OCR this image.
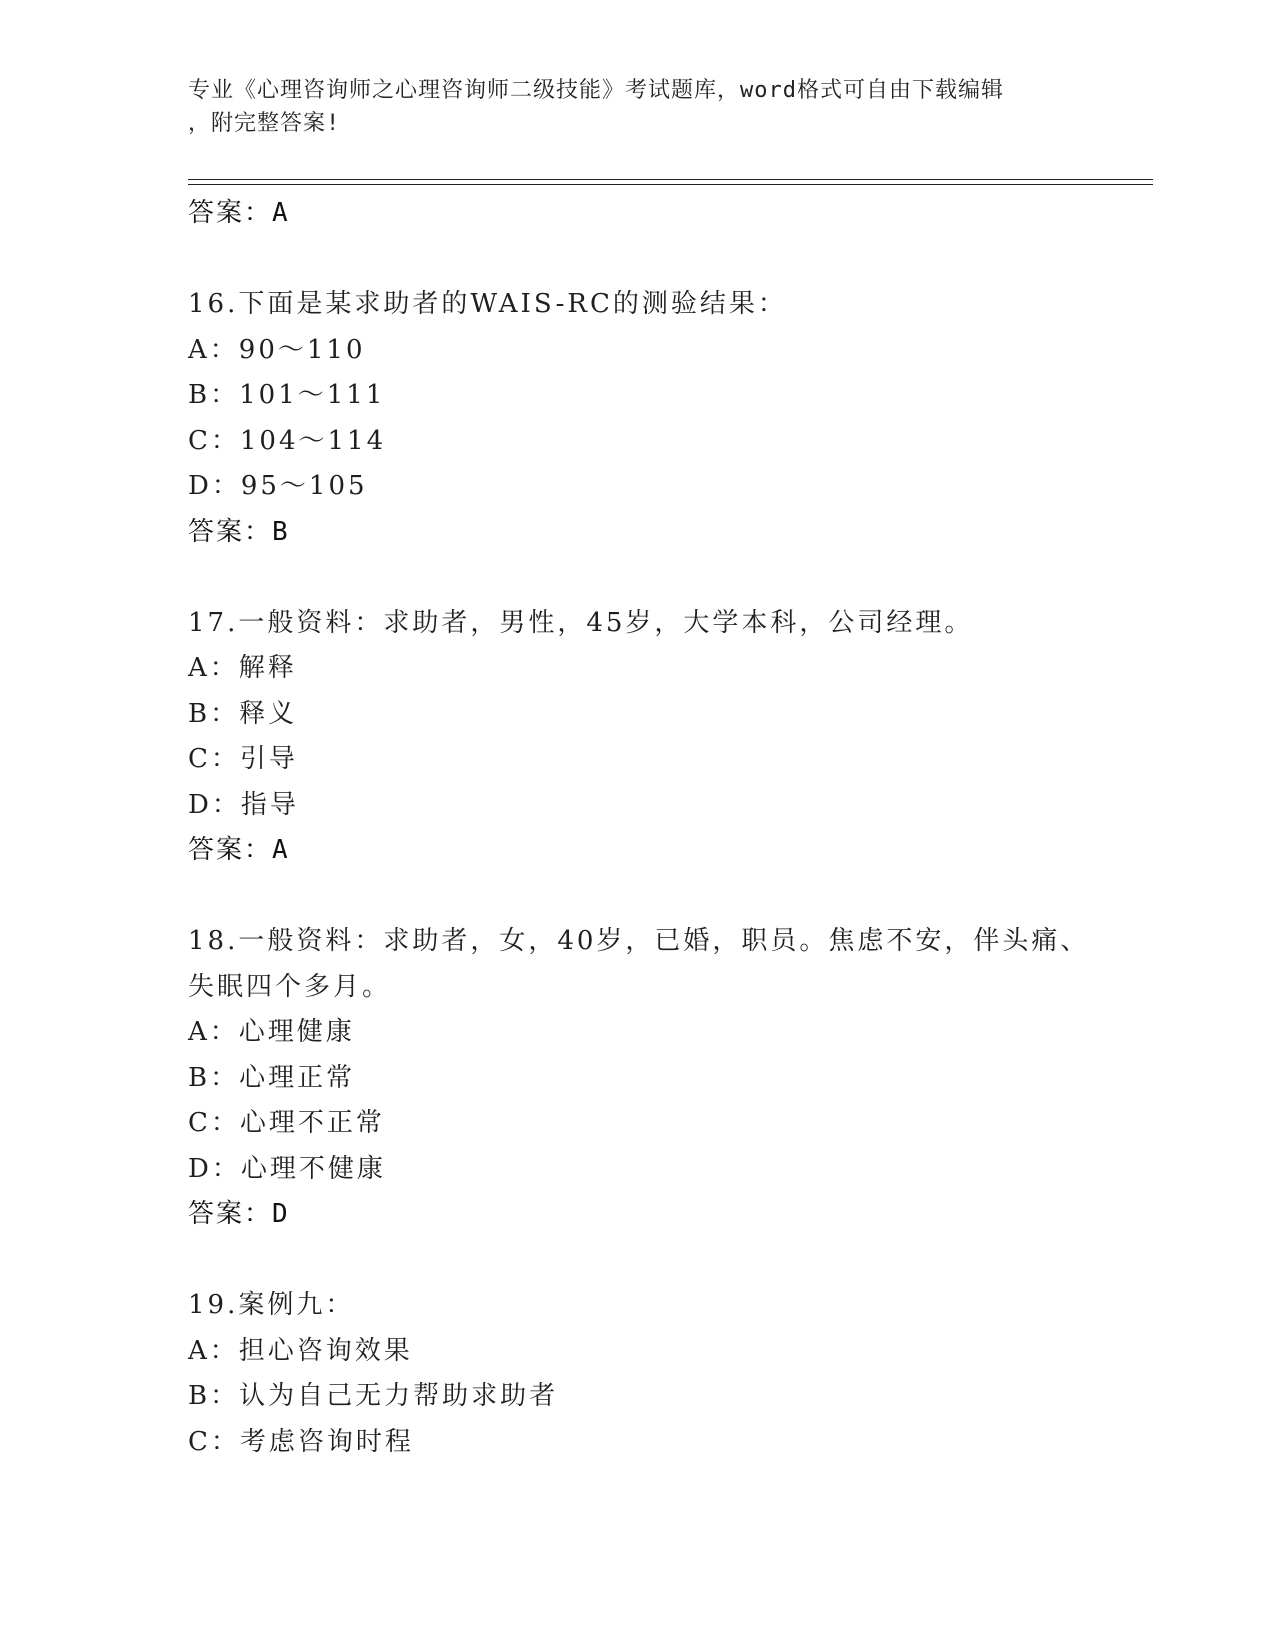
专业《心理咨询师之心理咨询师二级技能》考试题库，word格式可自由下载编辑
，附完整答案!
答案：A
16.下面是某求助者的WAIS-RC的测验结果：
A：90～110
B：101～111
C：104～114
D：95～105
答案：B
17.一般资料：求助者，男性，45岁，大学本科，公司经理。
A：解释
B：释义
C：引导
D：指导
答案：A
18.一般资料：求助者，女，40岁，已婚，职员。焦虑不安，伴头痛、
失眠四个多月。
A：心理健康
B：心理正常
C：心理不正常
D：心理不健康
答案：D
19.案例九：
A：担心咨询效果
B：认为自己无力帮助求助者
C：考虑咨询时程
